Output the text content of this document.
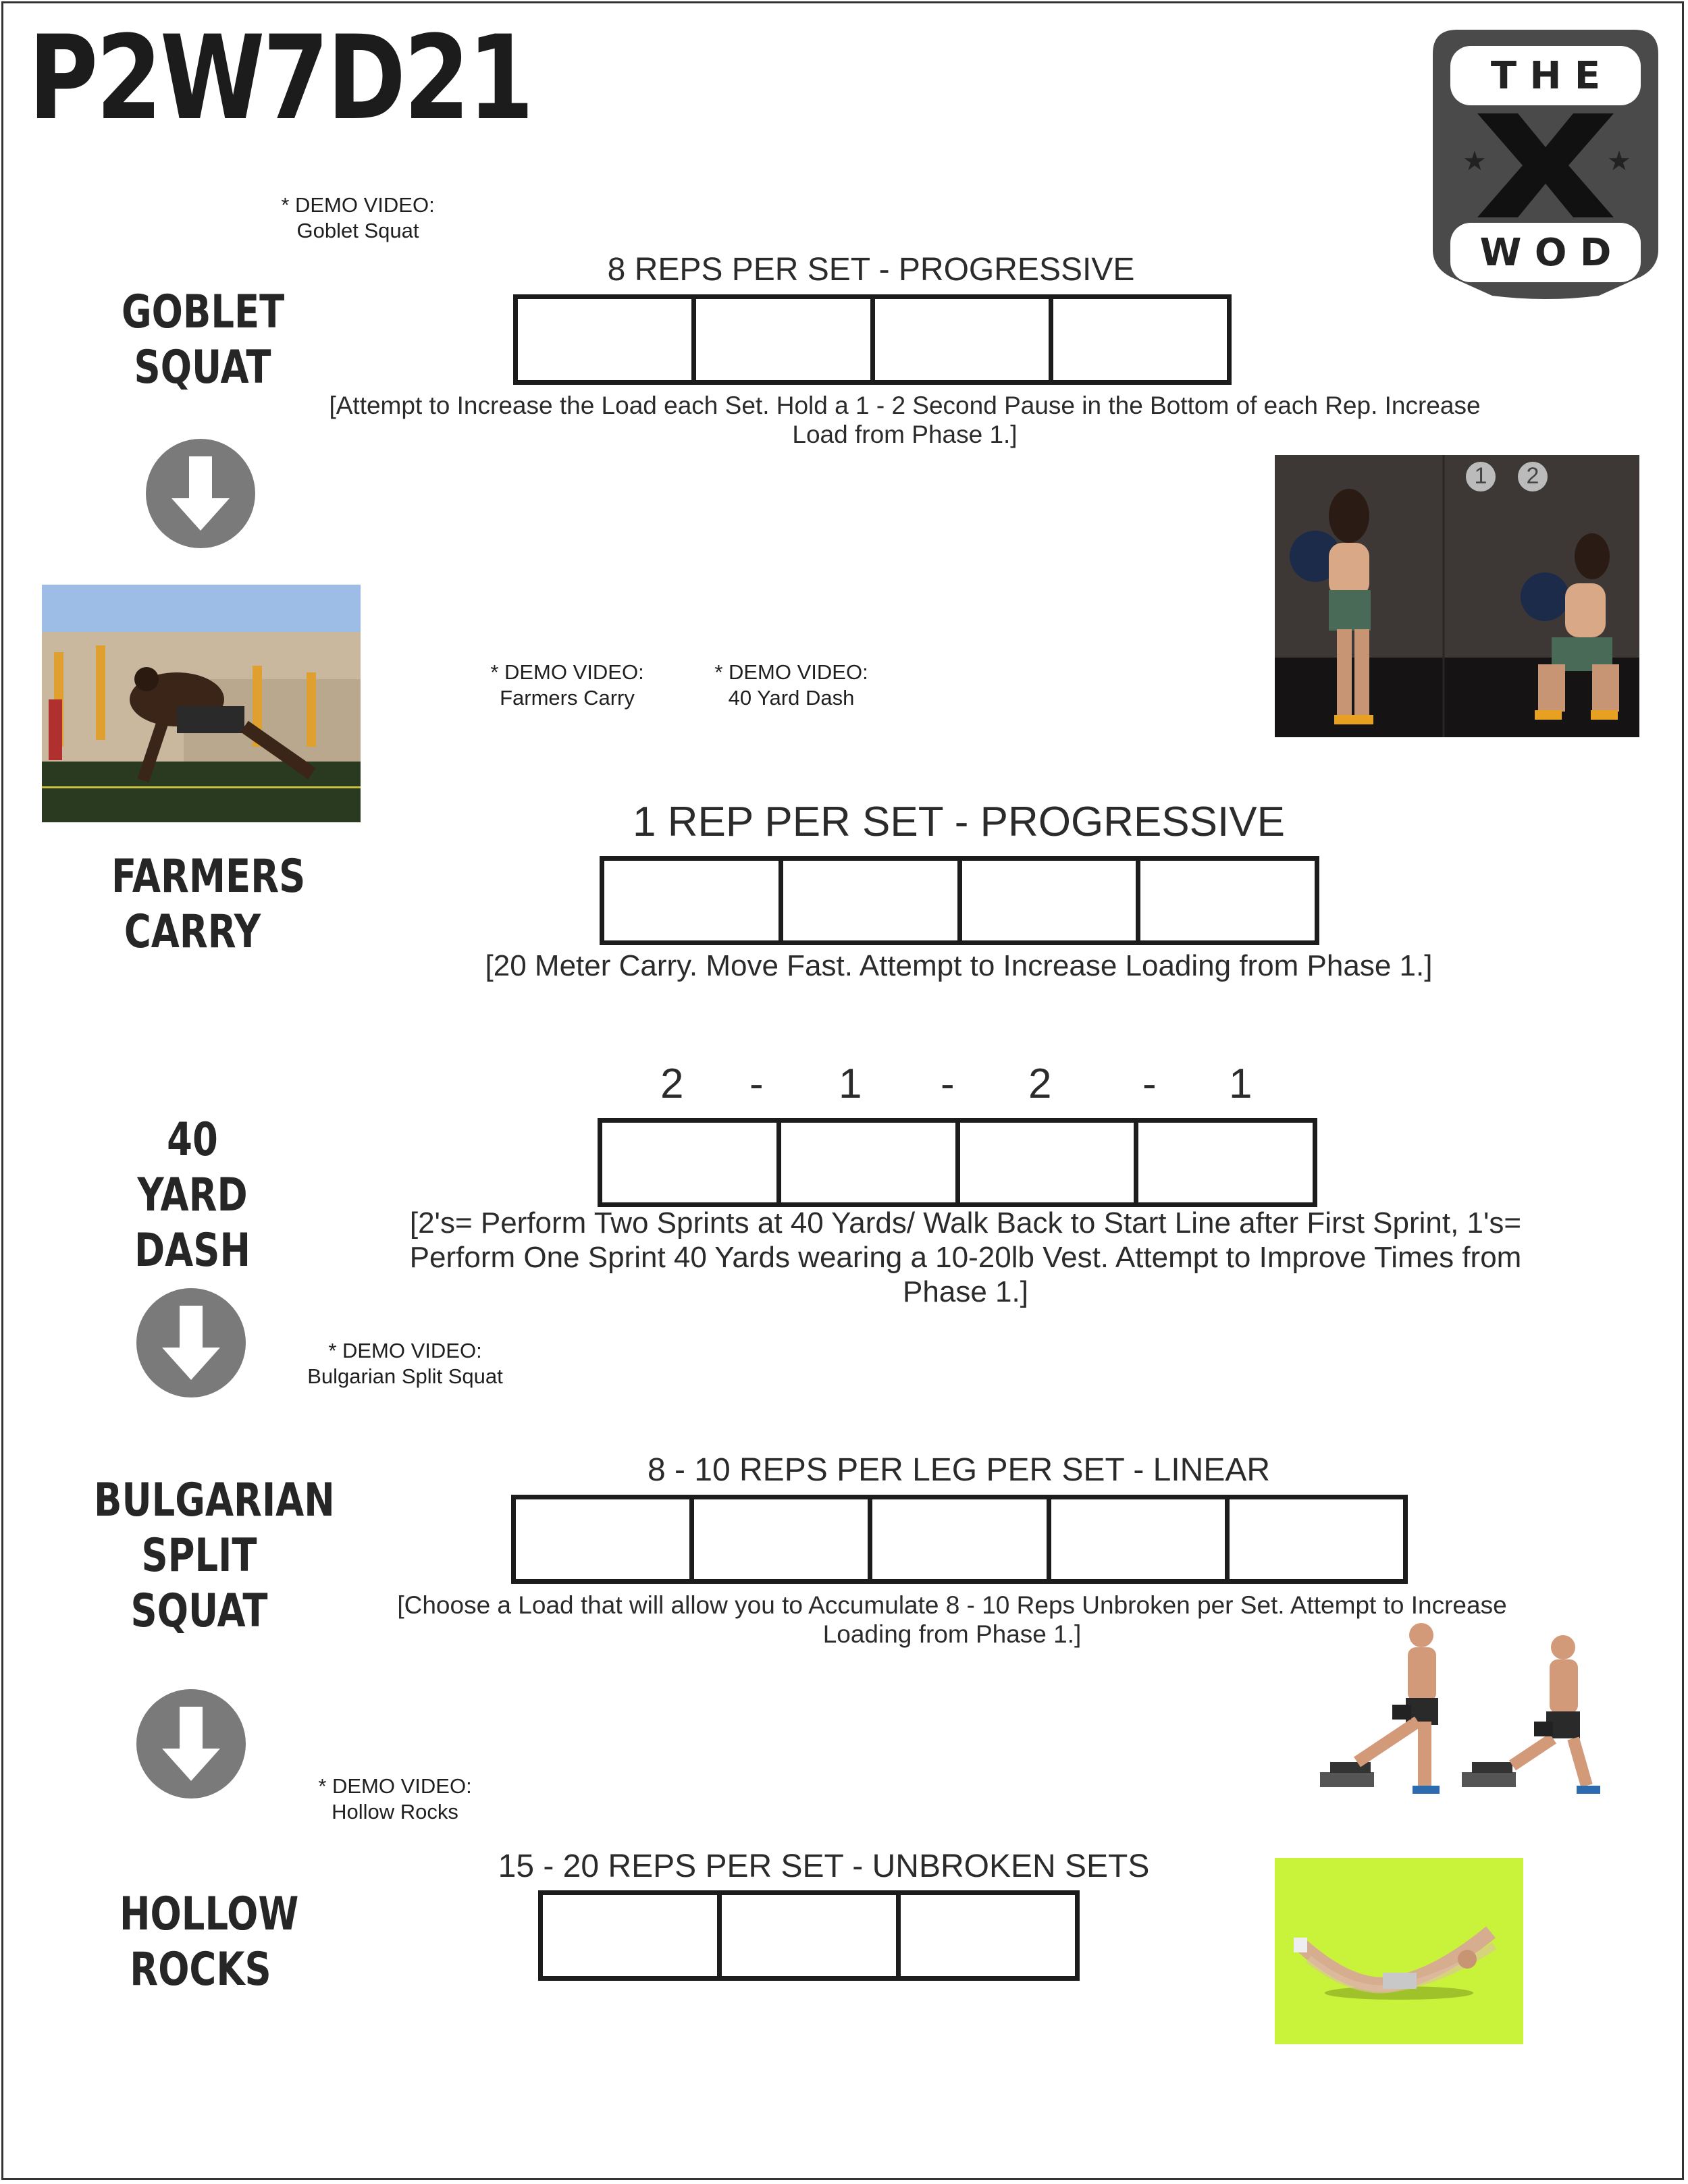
P2W7D21
★	★
T H E
W O D
* DEMO VIDEO:
Goblet Squat
GOBLET SQUAT
8 REPS PER SET - PROGRESSIVE
[Attempt to Increase the Load each Set. Hold a 1 - 2 Second Pause in the Bottom of each Rep. Increase Load from Phase 1.]
1	2
* DEMO VIDEO:
Farmers Carry
* DEMO VIDEO:
40 Yard Dash
FARMERS CARRY
1 REP PER SET - PROGRESSIVE
[20 Meter Carry. Move Fast. Attempt to Increase Loading from Phase 1.]
40 YARD DASH
2 - 1 - 2 - 1
[2's= Perform Two Sprints at 40 Yards/ Walk Back to Start Line after First Sprint, 1's= Perform One Sprint 40 Yards wearing a 10-20lb Vest. Attempt to Improve Times from Phase 1.]
* DEMO VIDEO:
Bulgarian Split Squat
BULGARIAN SPLIT SQUAT
8 - 10 REPS PER LEG PER SET - LINEAR
[Choose a Load that will allow you to Accumulate 8 - 10 Reps Unbroken per Set. Attempt to Increase Loading from Phase 1.]
* DEMO VIDEO:
Hollow Rocks
HOLLOW ROCKS
15 - 20 REPS PER SET - UNBROKEN SETS
